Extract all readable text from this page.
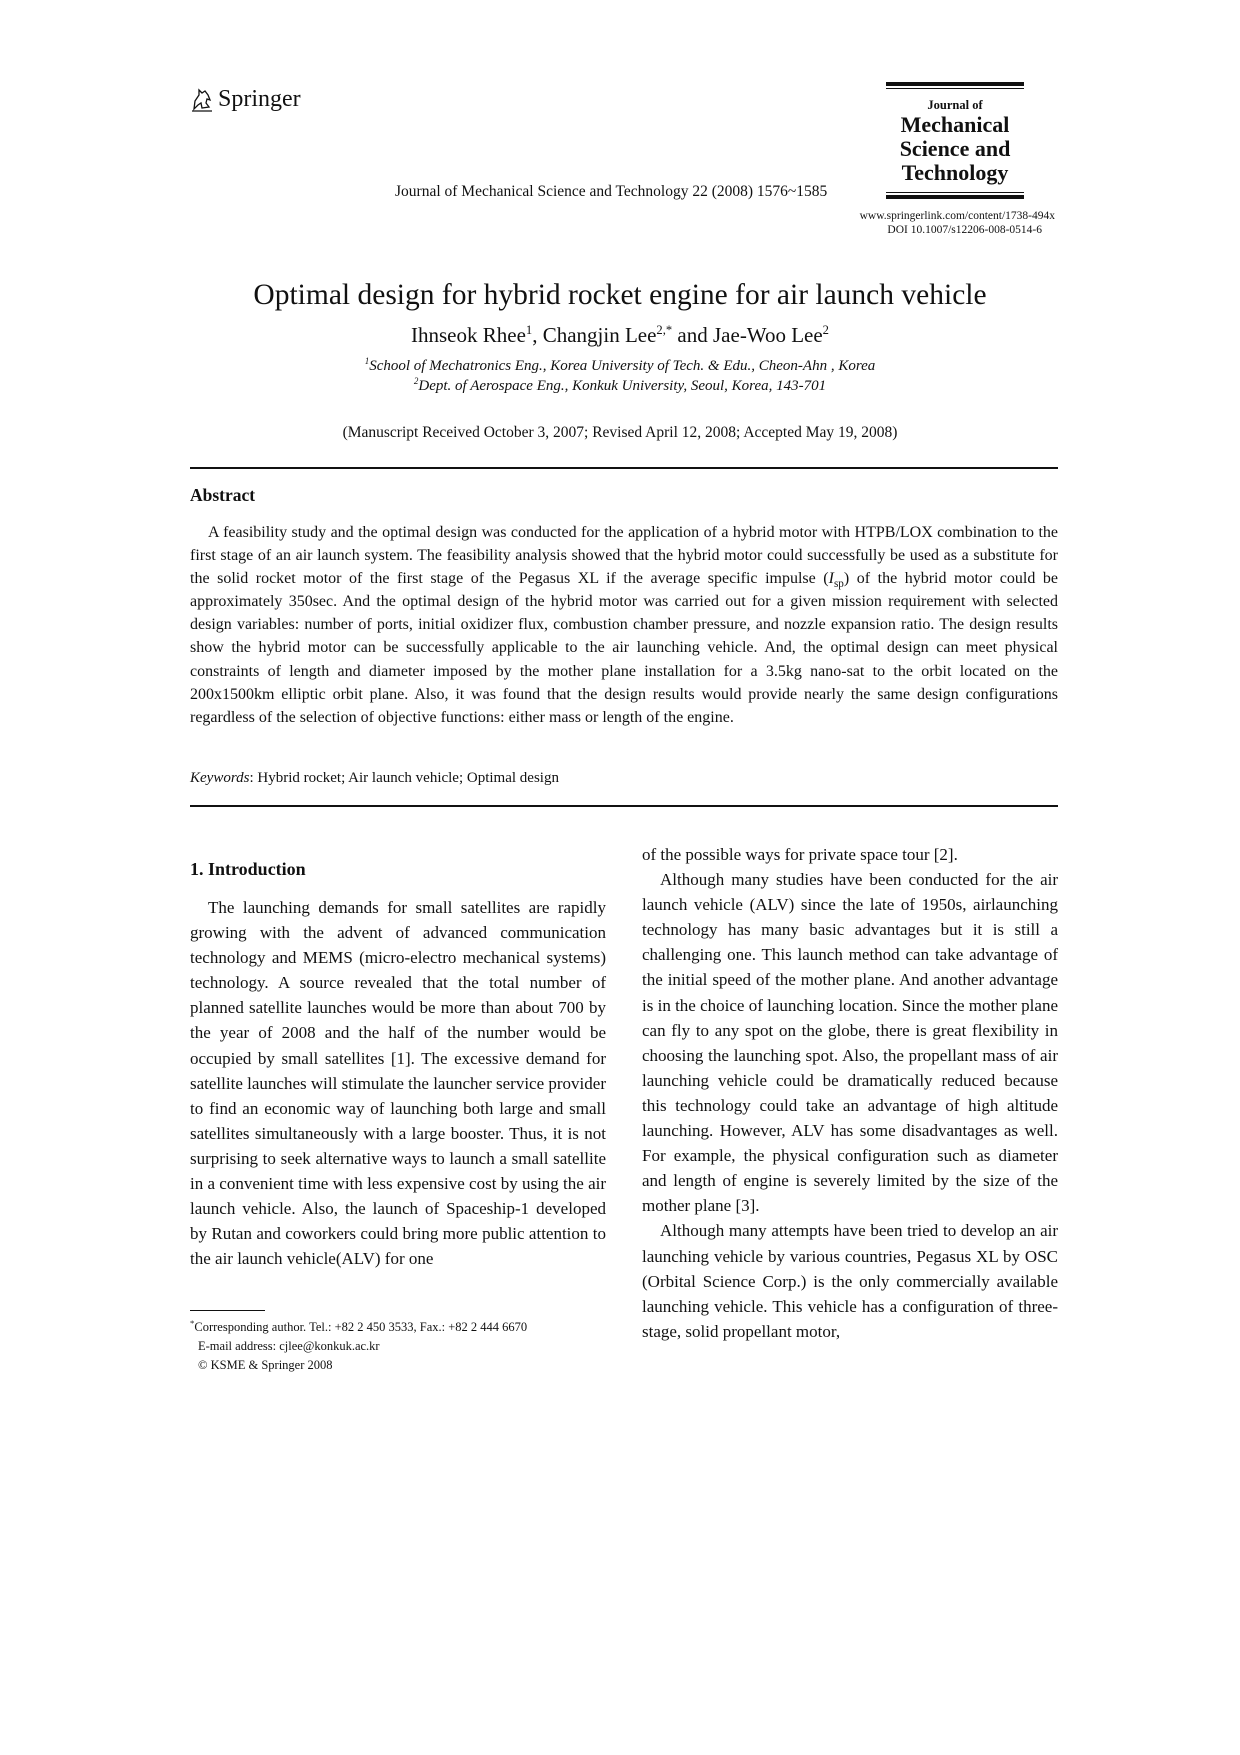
Springer
Journal of Mechanical Science and Technology 22 (2008) 1576~1585
Journal of
Mechanical
Science and
Technology
www.springerlink.com/content/1738-494x
DOI 10.1007/s12206-008-0514-6
Optimal design for hybrid rocket engine for air launch vehicle
Ihnseok Rhee$^1$, Changjin Lee$^{2,*}$ and Jae-Woo Lee$^2$
$^1$School of Mechatronics Eng., Korea University of Tech. & Edu., Cheon-Ahn , Korea
$^2$Dept. of Aerospace Eng., Konkuk University, Seoul, Korea, 143-701
(Manuscript Received October 3, 2007; Revised April 12, 2008; Accepted May 19, 2008)
Abstract
A feasibility study and the optimal design was conducted for the application of a hybrid motor with HTPB/LOX combination to the first stage of an air launch system. The feasibility analysis showed that the hybrid motor could successfully be used as a substitute for the solid rocket motor of the first stage of the Pegasus XL if the average specific impulse $(I_{sp})$ of the hybrid motor could be approximately 350sec. And the optimal design of the hybrid motor was carried out for a given mission requirement with selected design variables: number of ports, initial oxidizer flux, combustion chamber pressure, and nozzle expansion ratio. The design results show the hybrid motor can be successfully applicable to the air launching vehicle. And, the optimal design can meet physical constraints of length and diameter imposed by the mother plane installation for a 3.5kg nano-sat to the orbit located on the 200x1500km elliptic orbit plane. Also, it was found that the design results would provide nearly the same design configurations regardless of the selection of objective functions: either mass or length of the engine.
Keywords: Hybrid rocket; Air launch vehicle; Optimal design
1. Introduction

The launching demands for small satellites are rapidly growing with the advent of advanced communication technology and MEMS (micro-electro mechanical systems) technology. A source revealed that the total number of planned satellite launches would be more than about 700 by the year of 2008 and the half of the number would be occupied by small satellites [1]. The excessive demand for satellite launches will stimulate the launcher service provider to find an economic way of launching both large and small satellites simultaneously with a large booster. Thus, it is not surprising to seek alternative ways to launch a small satellite in a convenient time with less expensive cost by using the air launch vehicle. Also, the launch of Spaceship-1 developed by Rutan and coworkers could bring more public attention to the air launch vehicle(ALV) for one

of the possible ways for private space tour [2].

Although many studies have been conducted for the air launch vehicle (ALV) since the late of 1950s, airlaunching technology has many basic advantages but it is still a challenging one. This launch method can take advantage of the initial speed of the mother plane. And another advantage is in the choice of launching location. Since the mother plane can fly to any spot on the globe, there is great flexibility in choosing the launching spot. Also, the propellant mass of air launching vehicle could be dramatically reduced because this technology could take an advantage of high altitude launching. However, ALV has some disadvantages as well. For example, the physical configuration such as diameter and length of engine is severely limited by the size of the mother plane [3].

Although many attempts have been tried to develop an air launching vehicle by various countries, Pegasus XL by OSC (Orbital Science Corp.) is the only commercially available launching vehicle. This vehicle has a configuration of three-stage, solid propellant motor,

*Corresponding author. Tel.: +82 2 450 3533, Fax.: +82 2 444 6670
E-mail address: cjlee@konkuk.ac.kr
© KSME & Springer 2008
